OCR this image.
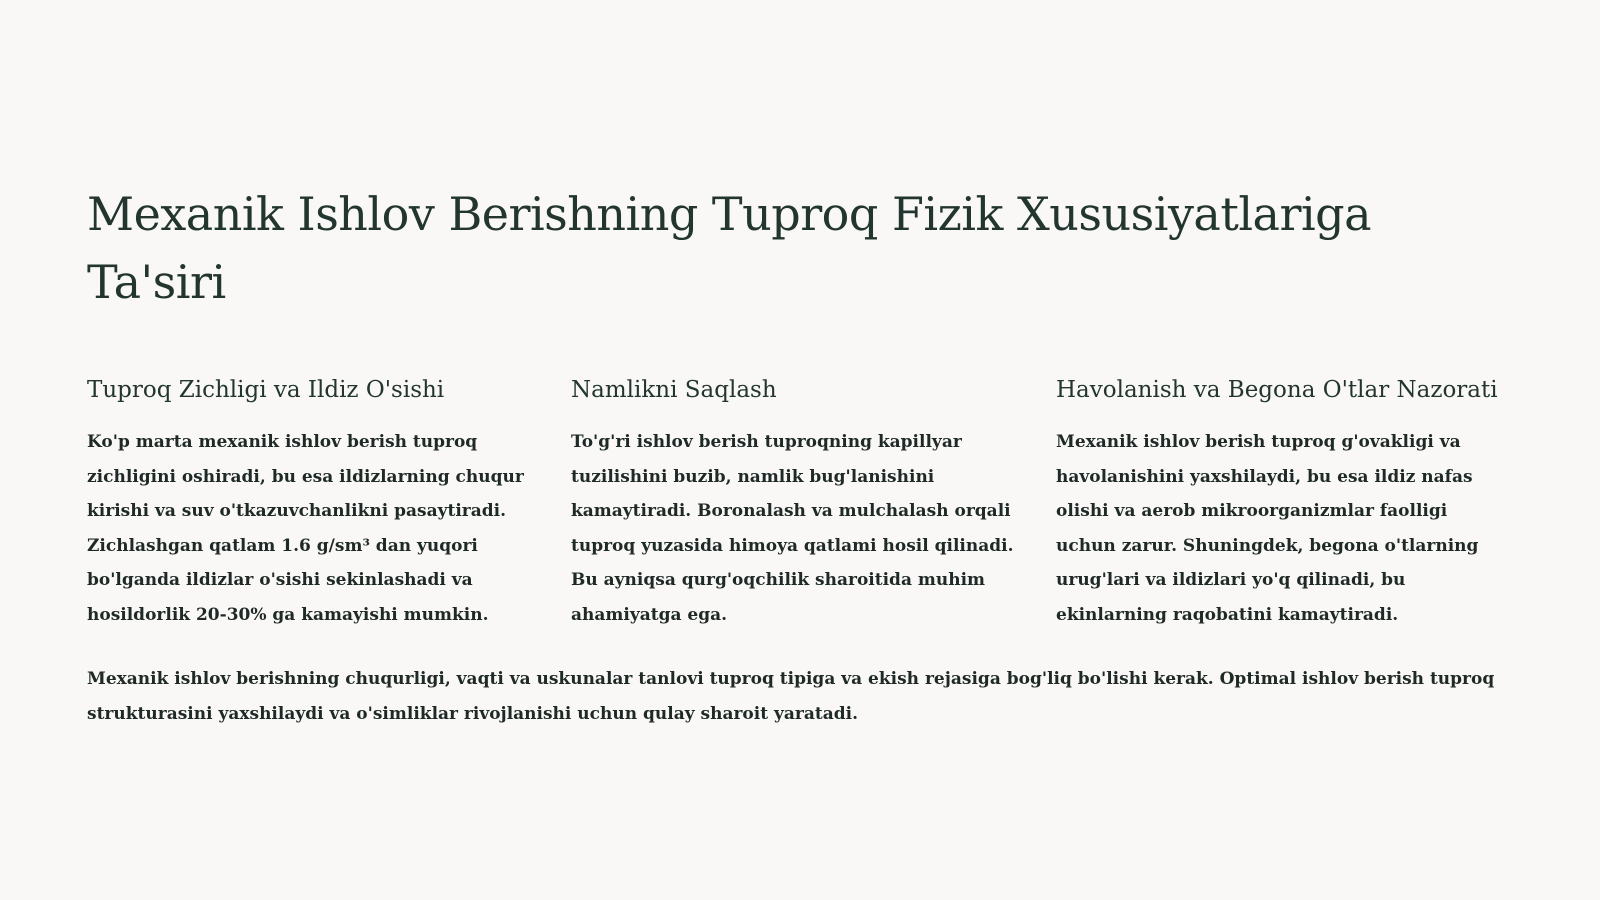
Mexanik Ishlov Berishning Tuproq Fizik Xususiyatlariga Ta'siri
Tuproq Zichligi va Ildiz O'sishi

Ko'p marta mexanik ishlov berish tuproq zichligini oshiradi, bu esa ildizlarning chuqur kirishi va suv o'tkazuvchanlikni pasaytiradi. Zichlashgan qatlam 1.6 g/sm³ dan yuqori bo'lganda ildizlar o'sishi sekinlashadi va hosildorlik 20-30% ga kamayishi mumkin.

Namlikni Saqlash

To'g'ri ishlov berish tuproqning kapillyar tuzilishini buzib, namlik bug'lanishini kamaytiradi. Boronalash va mulchalash orqali tuproq yuzasida himoya qatlami hosil qilinadi. Bu ayniqsa qurg'oqchilik sharoitida muhim ahamiyatga ega.

Havolanish va Begona O'tlar Nazorati

Mexanik ishlov berish tuproq g'ovakligi va havolanishini yaxshilaydi, bu esa ildiz nafas olishi va aerob mikroorganizmlar faolligi uchun zarur. Shuningdek, begona o'tlarning urug'lari va ildizlari yo'q qilinadi, bu ekinlarning raqobatini kamaytiradi.

Mexanik ishlov berishning chuqurligi, vaqti va uskunalar tanlovi tuproq tipiga va ekish rejasiga bog'liq bo'lishi kerak. Optimal ishlov berish tuproq strukturasini yaxshilaydi va o'simliklar rivojlanishi uchun qulay sharoit yaratadi.
